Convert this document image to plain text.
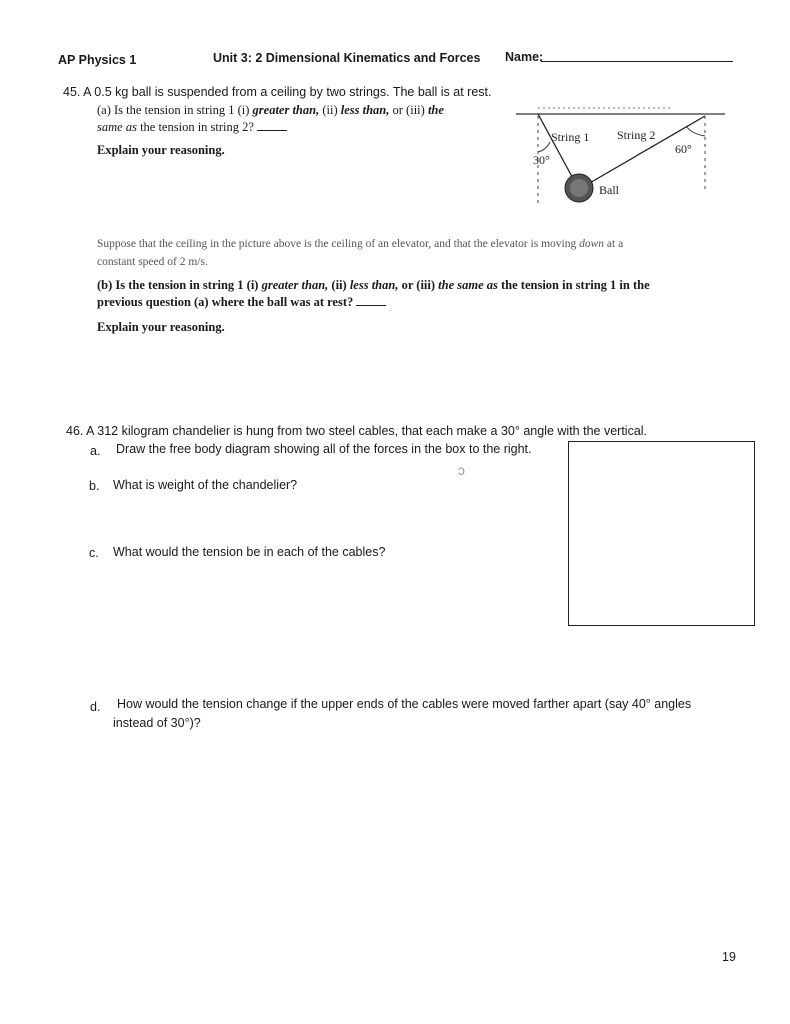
AP Physics 1	Unit 3: 2 Dimensional Kinematics and Forces Name:
45. A 0.5 kg ball is suspended from a ceiling by two strings. The ball is at rest.
(a) Is the tension in string 1 (i) greater than, (ii) less than, or (iii) the
same as the tension in string 2?
Explain your reasoning.
String 1 String 2
30°
60°
Ball
Suppose that the ceiling in the picture above is the ceiling of an elevator, and that the elevator is moving down at a
constant speed of 2 m/s.
(b) Is the tension in string 1 (i) greater than, (ii) less than, or (iii) the same as the tension in string 1 in the
previous question (a) where the ball was at rest?
Explain your reasoning.
46. A 312 kilogram chandelier is hung from two steel cables, that each make a 30° angle with the vertical.
a. Draw the free body diagram showing all of the forces in the box to the right.
ↄ
b. What is weight of the chandelier?
c. What would the tension be in each of the cables?
d. How would the tension change if the upper ends of the cables were moved farther apart (say 40° angles
instead of 30°)?
19
